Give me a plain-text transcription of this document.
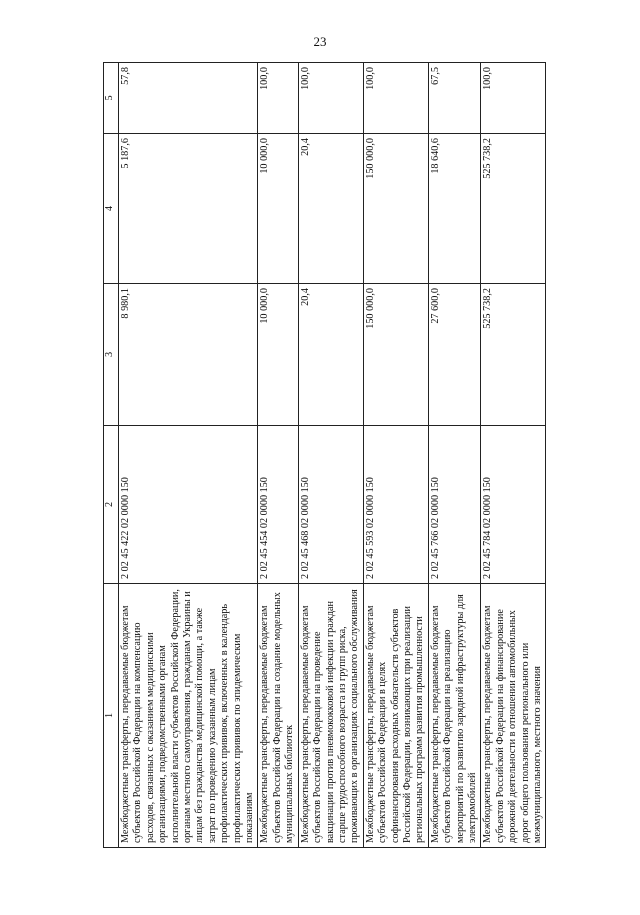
23
1	2	3	4	5
Межбюджетные трансферты, передаваемые бюджетам субъектов Российской Федерации на компенсацию расходов, связанных с оказанием медицинскими организациями, подведомственными органам исполнительной власти субъектов Российской Федерации, органам местного самоуправления, гражданам Украины и лицам без гражданства медицинской помощи, а также затрат по проведению указанным лицам профилактических прививок, включенных в календарь профилактических прививок по эпидемическим показаниям	2 02 45 422 02 0000 150	8 980,1	5 187,6	57,8
Межбюджетные трансферты, передаваемые бюджетам субъектов Российской Федерации на создание модельных муниципальных библиотек	2 02 45 454 02 0000 150	10 000,0	10 000,0	100,0
Межбюджетные трансферты, передаваемые бюджетам субъектов Российской Федерации на проведение вакцинации против пневмококковой инфекции граждан старше трудоспособного возраста из групп риска, проживающих в организациях социального обслуживания	2 02 45 468 02 0000 150	20,4	20,4	100,0
Межбюджетные трансферты, передаваемые бюджетам субъектов Российской Федерации в целях софинансирования расходных обязательств субъектов Российской Федерации, возникающих при реализации региональных программ развития промышленности	2 02 45 593 02 0000 150	150 000,0	150 000,0	100,0
Межбюджетные трансферты, передаваемые бюджетам субъектов Российской Федерации на реализацию мероприятий по развитию зарядной инфраструктуры для электромобилей	2 02 45 766 02 0000 150	27 600,0	18 640,6	67,5
Межбюджетные трансферты, передаваемые бюджетам субъектов Российской Федерации на финансирование дорожной деятельности в отношении автомобильных дорог общего пользования регионального или межмуниципального, местного значения	2 02 45 784 02 0000 150	525 738,2	525 738,2	100,0
